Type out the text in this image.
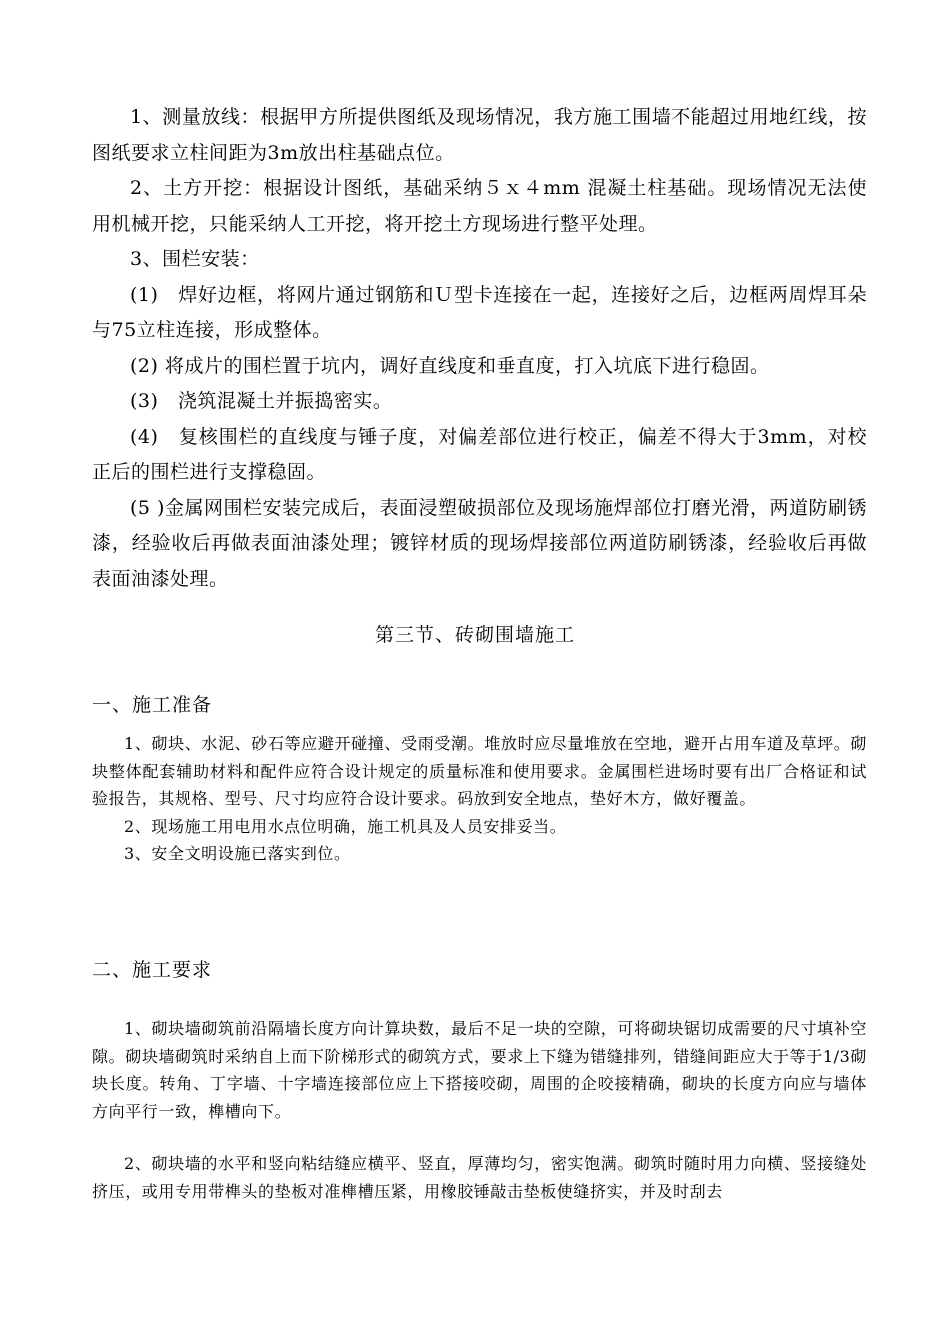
1、测量放线：根据甲方所提供图纸及现场情况，我方施工围墙不能超过用地红线，按图纸要求立柱间距为3m放出柱基础点位。

2、土方开挖：根据设计图纸，基础采纳５ｘ４mm 混凝土柱基础。现场情况无法使用机械开挖，只能采纳人工开挖，将开挖土方现场进行整平处理。

3、围栏安装：

(1)　焊好边框，将网片通过钢筋和Ｕ型卡连接在一起，连接好之后，边框两周焊耳朵与75立柱连接，形成整体。

(2) 将成片的围栏置于坑内，调好直线度和垂直度，打入坑底下进行稳固。

(3)　浇筑混凝土并振捣密实。

(4)　复核围栏的直线度与锤子度，对偏差部位进行校正，偏差不得大于3mm，对校正后的围栏进行支撑稳固。

(5 )金属网围栏安装完成后，表面浸塑破损部位及现场施焊部位打磨光滑，两道防刷锈漆，经验收后再做表面油漆处理；镀锌材质的现场焊接部位两道防刷锈漆，经验收后再做表面油漆处理。

第三节、砖砌围墙施工
一、施工准备

1、砌块、水泥、砂石等应避开碰撞、受雨受潮。堆放时应尽量堆放在空地，避开占用车道及草坪。砌块整体配套辅助材料和配件应符合设计规定的质量标准和使用要求。金属围栏进场时要有出厂合格证和试验报告，其规格、型号、尺寸均应符合设计要求。码放到安全地点，垫好木方，做好覆盖。

2、现场施工用电用水点位明确，施工机具及人员安排妥当。

3、安全文明设施已落实到位。

二、施工要求

1、砌块墙砌筑前沿隔墙长度方向计算块数，最后不足一块的空隙，可将砌块锯切成需要的尺寸填补空隙。砌块墙砌筑时采纳自上而下阶梯形式的砌筑方式，要求上下缝为错缝排列，错缝间距应大于等于1/3砌块长度。转角、丁字墙、十字墙连接部位应上下搭接咬砌，周围的企咬接精确，砌块的长度方向应与墙体方向平行一致，榫槽向下。

2、砌块墙的水平和竖向粘结缝应横平、竖直，厚薄均匀，密实饱满。砌筑时随时用力向横、竖接缝处挤压，或用专用带榫头的垫板对准榫槽压紧，用橡胶锤敲击垫板使缝挤实，并及时刮去
